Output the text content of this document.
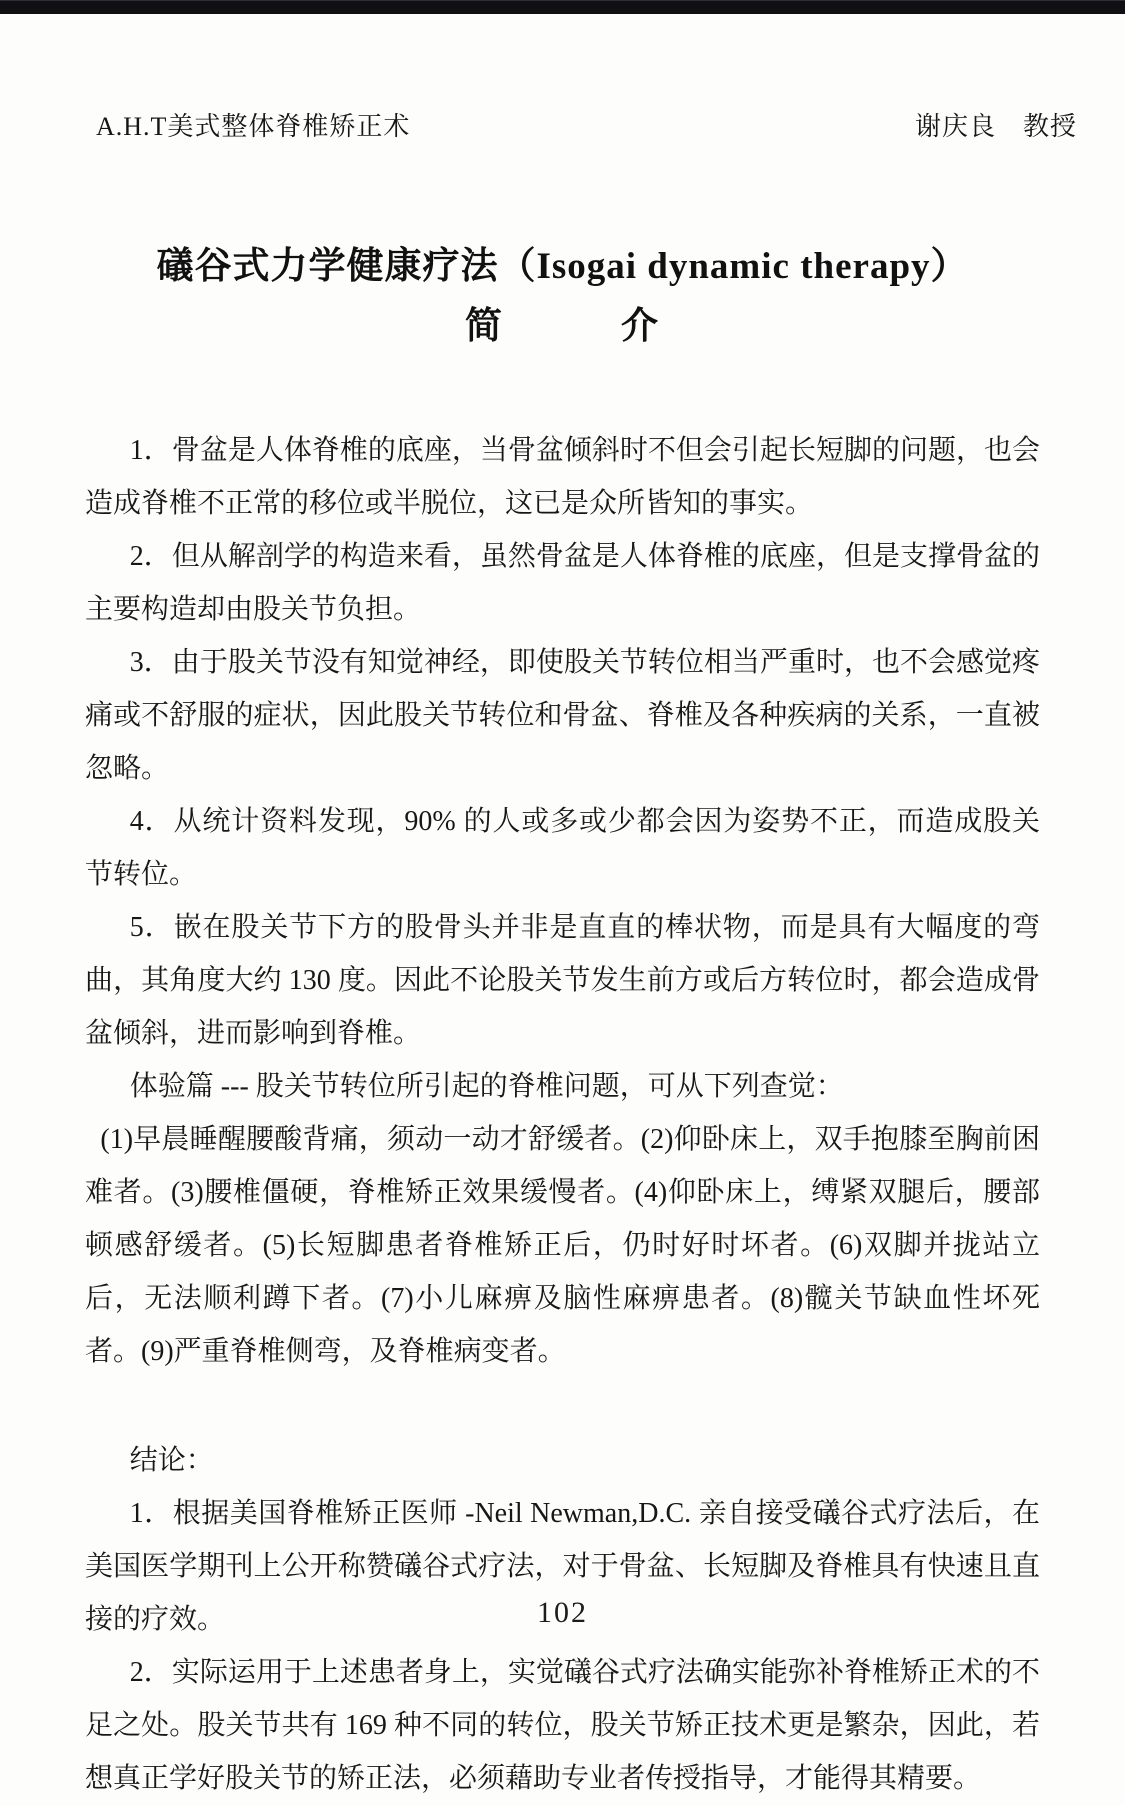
A.H.T美式整体脊椎矫正术	谢庆良　教授
礒谷式力学健康疗法（Isogai dynamic therapy）
简　　　介

1．骨盆是人体脊椎的底座，当骨盆倾斜时不但会引起长短脚的问题，也会造成脊椎不正常的移位或半脱位，这已是众所皆知的事实。

2．但从解剖学的构造来看，虽然骨盆是人体脊椎的底座，但是支撑骨盆的主要构造却由股关节负担。

3．由于股关节没有知觉神经，即使股关节转位相当严重时，也不会感觉疼痛或不舒服的症状，因此股关节转位和骨盆、脊椎及各种疾病的关系，一直被忽略。

4．从统计资料发现，90% 的人或多或少都会因为姿势不正，而造成股关节转位。

5．嵌在股关节下方的股骨头并非是直直的棒状物，而是具有大幅度的弯曲，其角度大约 130 度。因此不论股关节发生前方或后方转位时，都会造成骨盆倾斜，进而影响到脊椎。

体验篇 --- 股关节转位所引起的脊椎问题，可从下列查觉：

(1)早晨睡醒腰酸背痛，须动一动才舒缓者。(2)仰卧床上，双手抱膝至胸前困难者。(3)腰椎僵硬，脊椎矫正效果缓慢者。(4)仰卧床上，缚紧双腿后，腰部顿感舒缓者。(5)长短脚患者脊椎矫正后，仍时好时坏者。(6)双脚并拢站立后，无法顺利蹲下者。(7)小儿麻痹及脑性麻痹患者。(8)髋关节缺血性坏死者。(9)严重脊椎侧弯，及脊椎病变者。

结论：

1．根据美国脊椎矫正医师 -Neil Newman,D.C. 亲自接受礒谷式疗法后，在美国医学期刊上公开称赞礒谷式疗法，对于骨盆、长短脚及脊椎具有快速且直接的疗效。

2．实际运用于上述患者身上，实觉礒谷式疗法确实能弥补脊椎矫正术的不足之处。股关节共有 169 种不同的转位，股关节矫正技术更是繁杂，因此，若想真正学好股关节的矫正法，必须藉助专业者传授指导，才能得其精要。

102
